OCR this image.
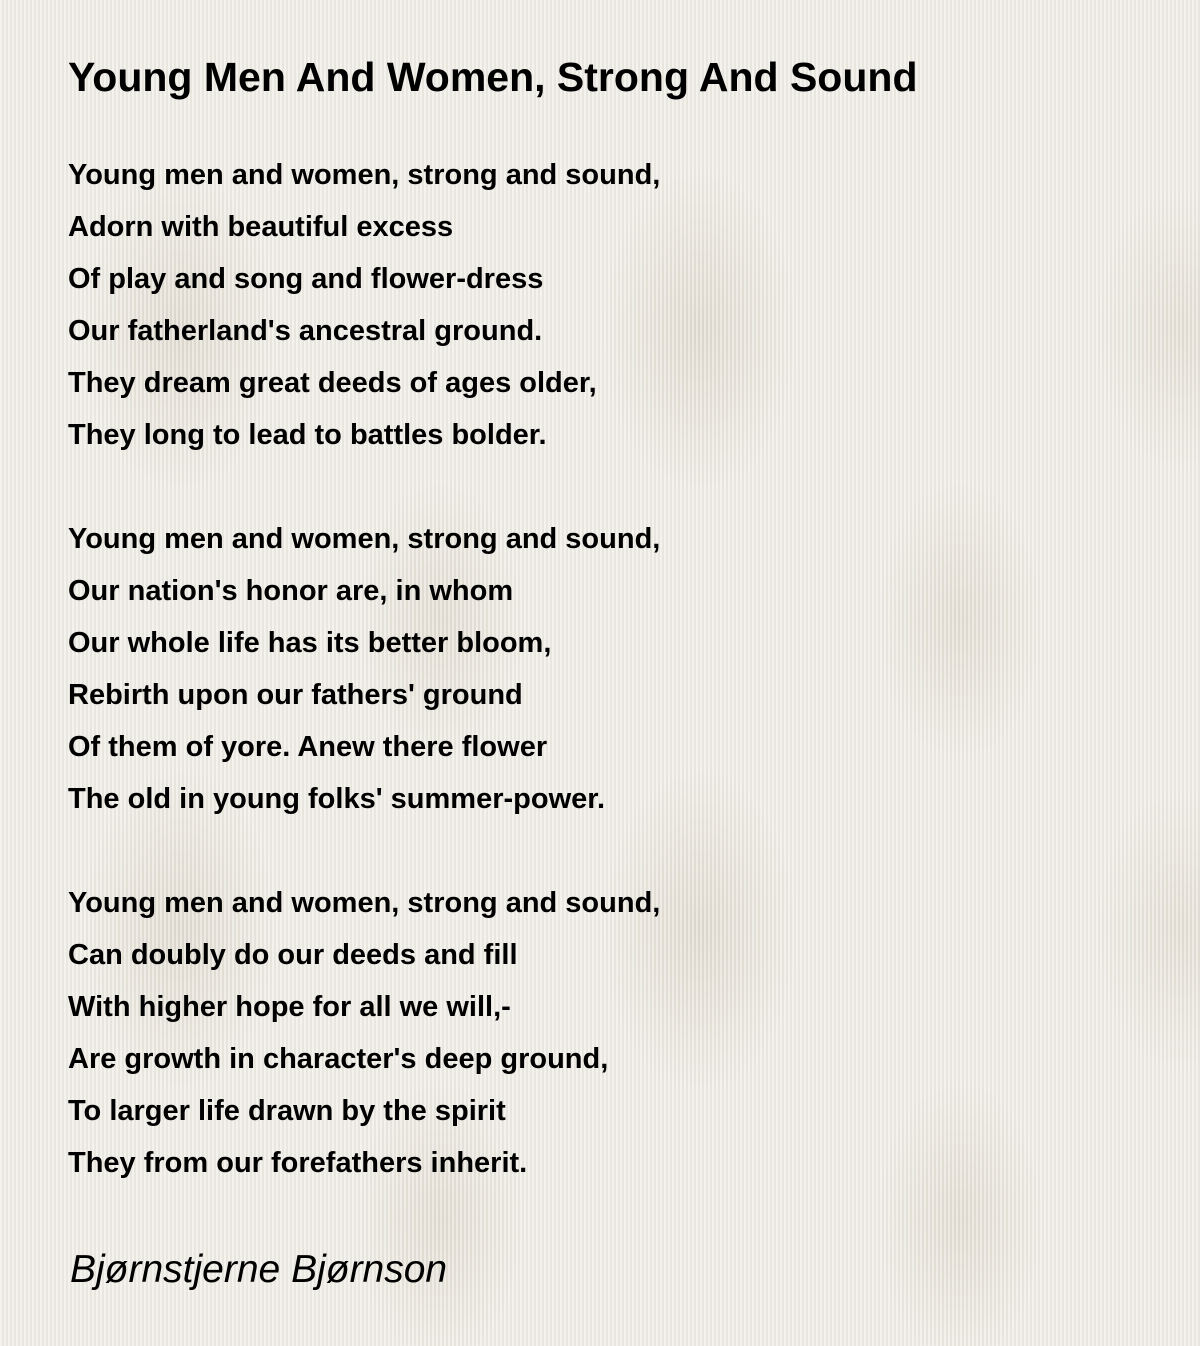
Young Men And Women, Strong And Sound
Young men and women, strong and sound,
Adorn with beautiful excess
Of play and song and flower-dress
Our fatherland's ancestral ground.
They dream great deeds of ages older,
They long to lead to battles bolder.
Young men and women, strong and sound,
Our nation's honor are, in whom
Our whole life has its better bloom,
Rebirth upon our fathers' ground
Of them of yore. Anew there flower
The old in young folks' summer-power.
Young men and women, strong and sound,
Can doubly do our deeds and fill
With higher hope for all we will,-
Are growth in character's deep ground,
To larger life drawn by the spirit
They from our forefathers inherit.

Bjørnstjerne Bjørnson
